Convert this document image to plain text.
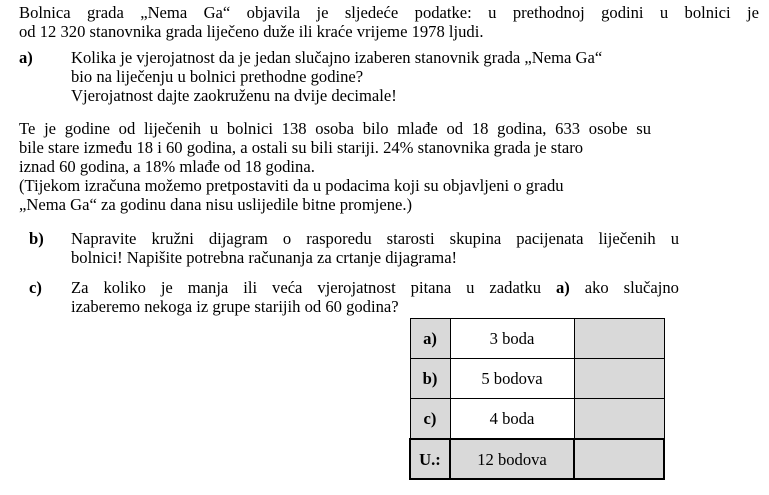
Bolnica grada „Nema Ga“ objavila je sljedeće podatke: u prethodnoj godini u bolnici je
od 12 320 stanovnika grada liječeno duže ili kraće vrijeme 1978 ljudi.
a) Kolika je vjerojatnost da je jedan slučajno izaberen stanovnik grada „Nema Ga“
bio na liječenju u bolnici prethodne godine?
Vjerojatnost dajte zaokruženu na dvije decimale!
Te je godine od liječenih u bolnici 138 osoba bilo mlađe od 18 godina, 633 osobe su
bile stare između 18 i 60 godina, a ostali su bili stariji. 24% stanovnika grada je staro
iznad 60 godina, a 18% mlađe od 18 godina.
(Tijekom izračuna možemo pretpostaviti da u podacima koji su objavljeni o gradu
„Nema Ga“ za godinu dana nisu uslijedile bitne promjene.)
b) Napravite kružni dijagram o rasporedu starosti skupina pacijenata liječenih u
bolnici! Napišite potrebna računanja za crtanje dijagrama!
c) Za koliko je manja ili veća vjerojatnost pitana u zadatku a) ako slučajno
izaberemo nekoga iz grupe starijih od 60 godina?
a)	3 boda	
b)	5 bodova	
c)	4 boda	
U.:	12 bodova	
